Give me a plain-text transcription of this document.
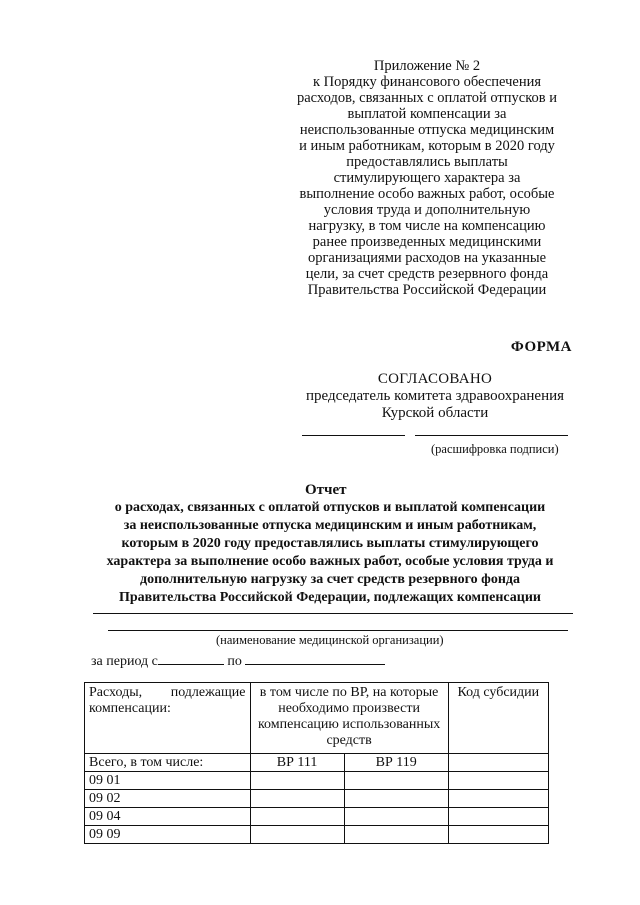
Приложение № 2
к Порядку финансового обеспечения
расходов, связанных с оплатой отпусков и
выплатой компенсации за
неиспользованные отпуска медицинским
и иным работникам, которым в 2020 году
предоставлялись выплаты
стимулирующего характера за
выполнение особо важных работ, особые
условия труда и дополнительную
нагрузку, в том числе на компенсацию
ранее произведенных медицинскими
организациями расходов на указанные
цели, за счет средств резервного фонда
Правительства Российской Федерации
ФОРМА
СОГЛАСОВАНО
председатель комитета здравоохранения
Курской области
(расшифровка подписи)
Отчет
о расходах, связанных с оплатой отпусков и выплатой компенсации
за неиспользованные отпуска медицинским и иным работникам,
которым в 2020 году предоставлялись выплаты стимулирующего
характера за выполнение особо важных работ, особые условия труда и
дополнительную нагрузку за счет средств резервного фонда
Правительства Российской Федерации, подлежащих компенсации
(наименование медицинской организации)
за период с	по
Расходы, подлежащие компенсации:	в том числе по ВР, на которые необходимо произвести компенсацию использованных средств		Код субсидии
Всего, в том числе:	ВР 111	ВР 119	
09 01			
09 02			
09 04			
09 09			
